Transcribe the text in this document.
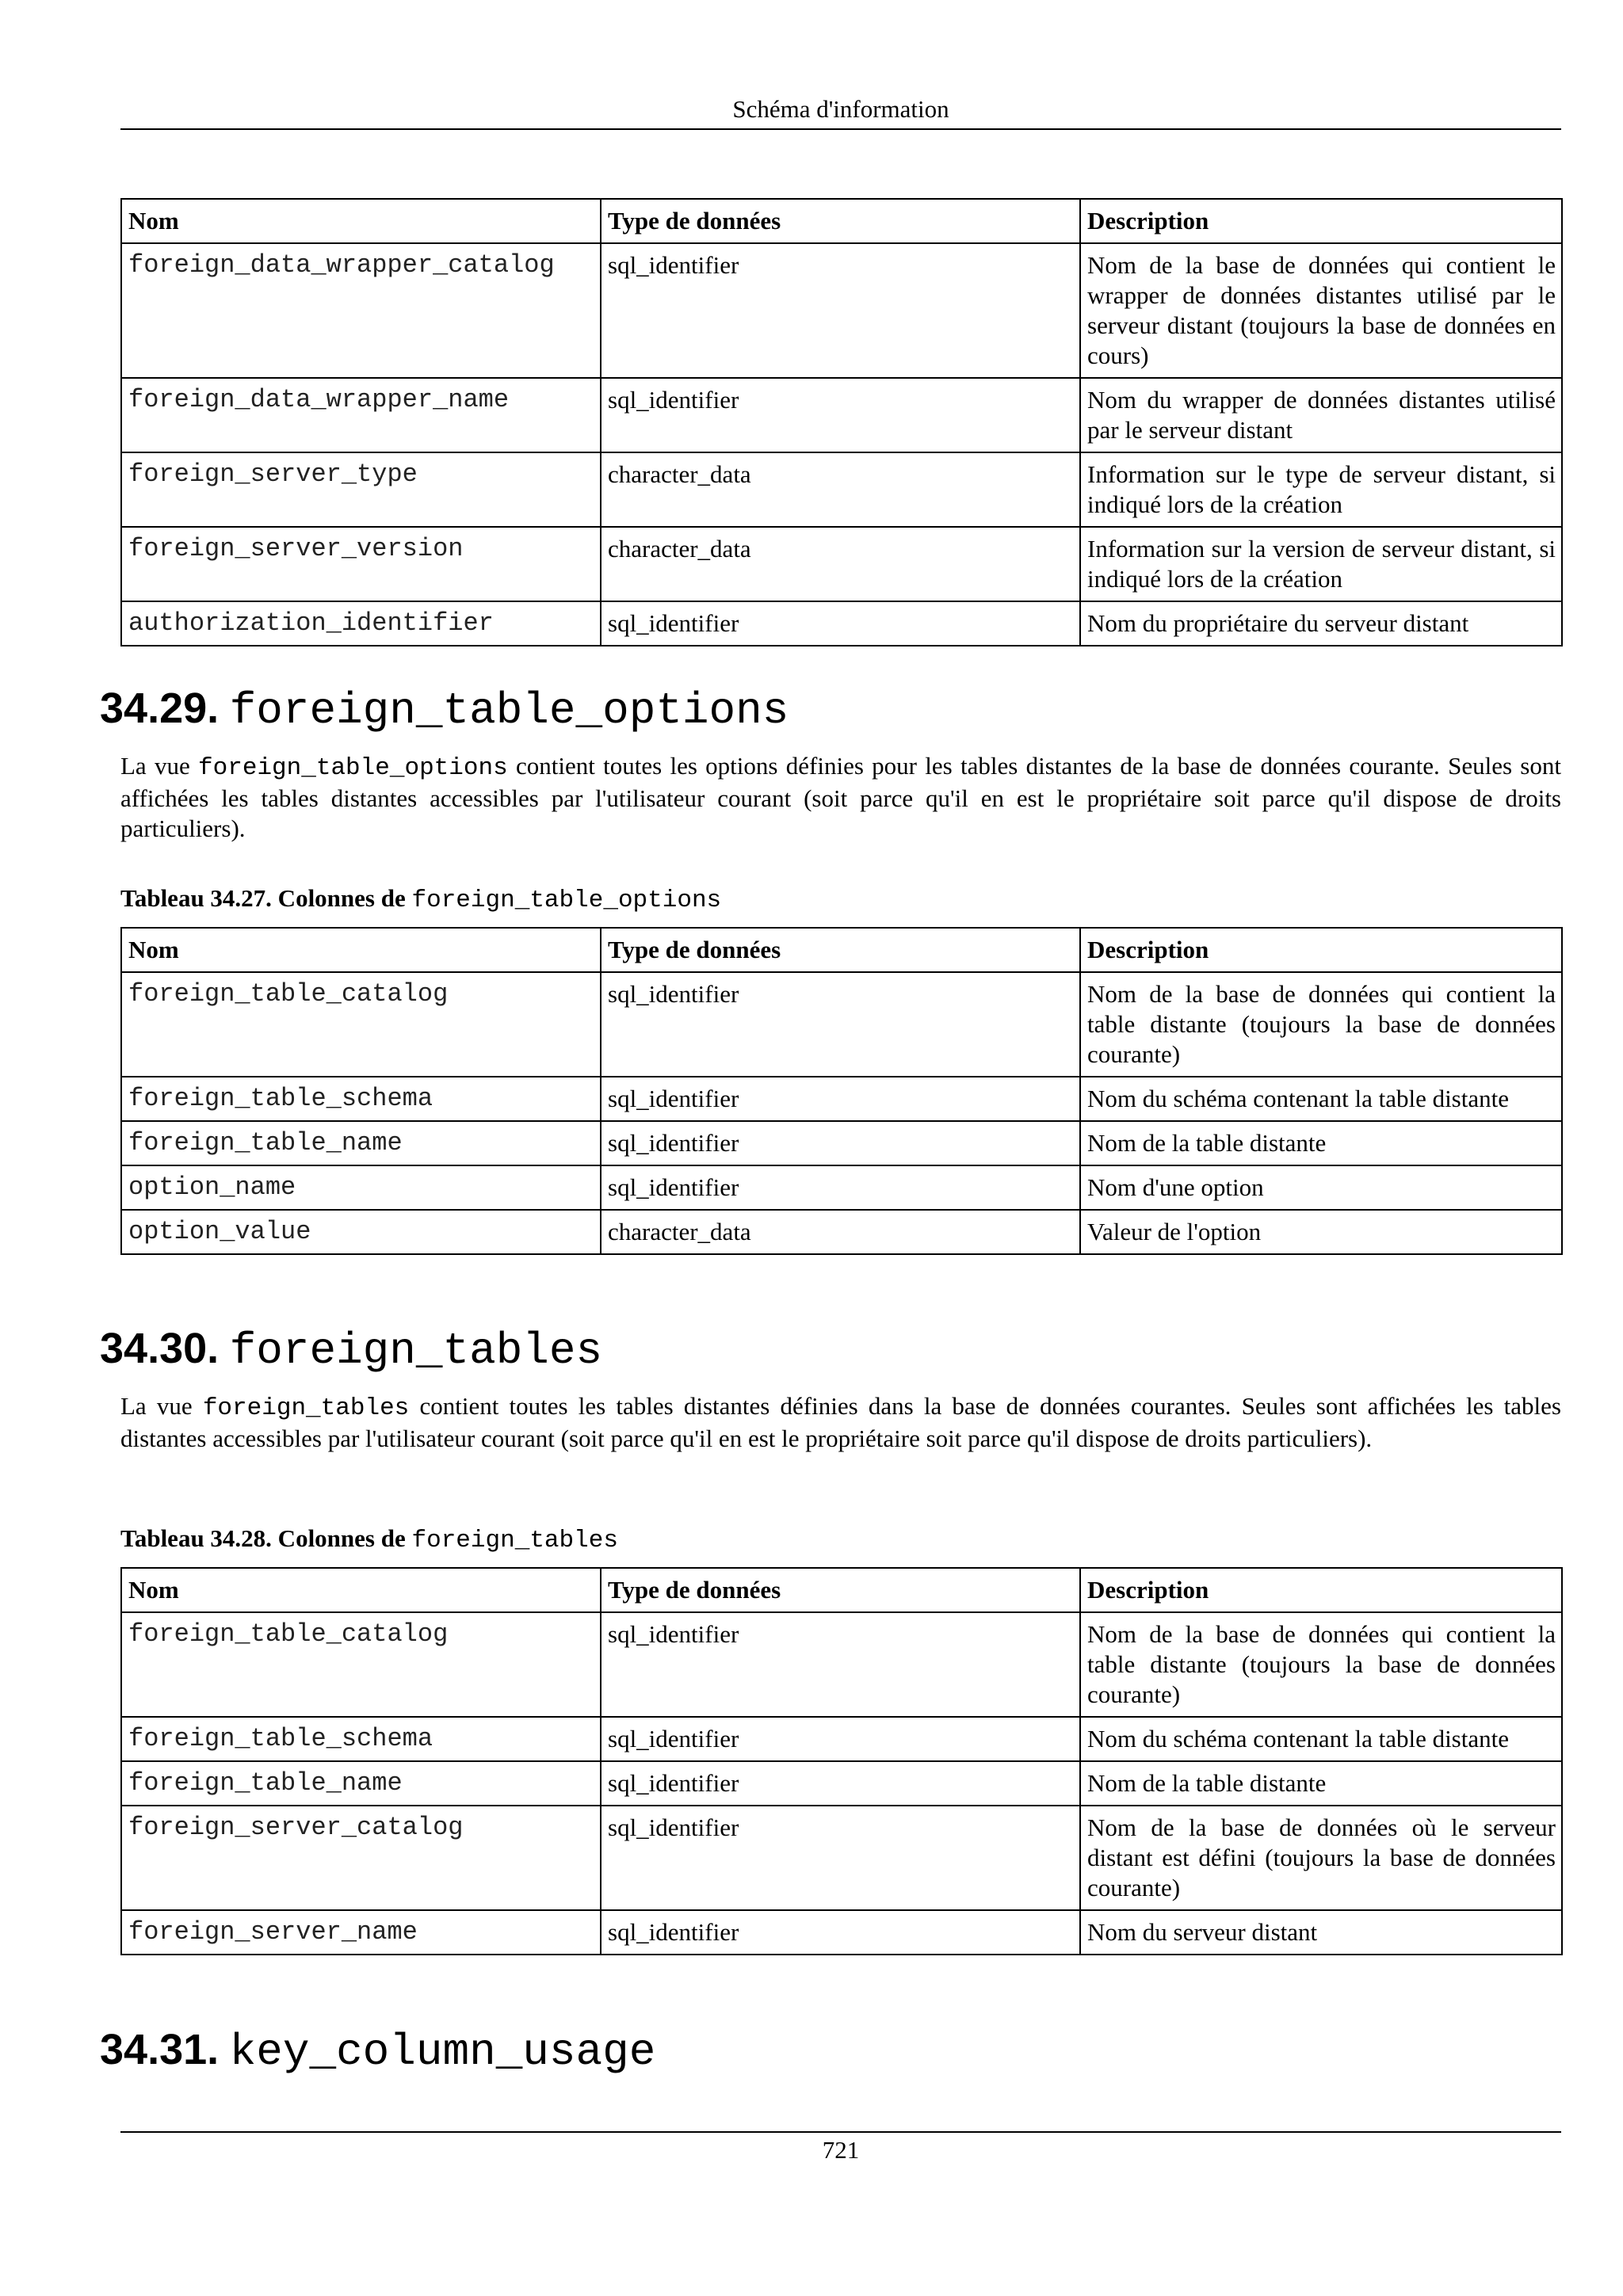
Schéma d'information
Nom	Type de données	Description
foreign_data_wrapper_catalog	sql_identifier	Nom de la base de données qui contient le wrapper de données distantes utilisé par le serveur distant (toujours la base de données en cours)
foreign_data_wrapper_name	sql_identifier	Nom du wrapper de données distantes utilisé par le serveur distant
foreign_server_type	character_data	Information sur le type de serveur distant, si indiqué lors de la création
foreign_server_version	character_data	Information sur la version de serveur distant, si indiqué lors de la création
authorization_identifier	sql_identifier	Nom du propriétaire du serveur distant
34.29. foreign_table_options
La vue foreign_table_options contient toutes les options définies pour les tables distantes de la base de données courante. Seules sont affichées les tables distantes accessibles par l'utilisateur courant (soit parce qu'il en est le propriétaire soit parce qu'il dispose de droits particuliers).
Tableau 34.27. Colonnes de foreign_table_options
Nom	Type de données	Description
foreign_table_catalog	sql_identifier	Nom de la base de données qui contient la table distante (toujours la base de données courante)
foreign_table_schema	sql_identifier	Nom du schéma contenant la table distante
foreign_table_name	sql_identifier	Nom de la table distante
option_name	sql_identifier	Nom d'une option
option_value	character_data	Valeur de l'option
34.30. foreign_tables
La vue foreign_tables contient toutes les tables distantes définies dans la base de données courantes. Seules sont affichées les tables distantes accessibles par l'utilisateur courant (soit parce qu'il en est le propriétaire soit parce qu'il dispose de droits particuliers).
Tableau 34.28. Colonnes de foreign_tables
Nom	Type de données	Description
foreign_table_catalog	sql_identifier	Nom de la base de données qui contient la table distante (toujours la base de données courante)
foreign_table_schema	sql_identifier	Nom du schéma contenant la table distante
foreign_table_name	sql_identifier	Nom de la table distante
foreign_server_catalog	sql_identifier	Nom de la base de données où le serveur distant est défini (toujours la base de données courante)
foreign_server_name	sql_identifier	Nom du serveur distant
34.31. key_column_usage
721
